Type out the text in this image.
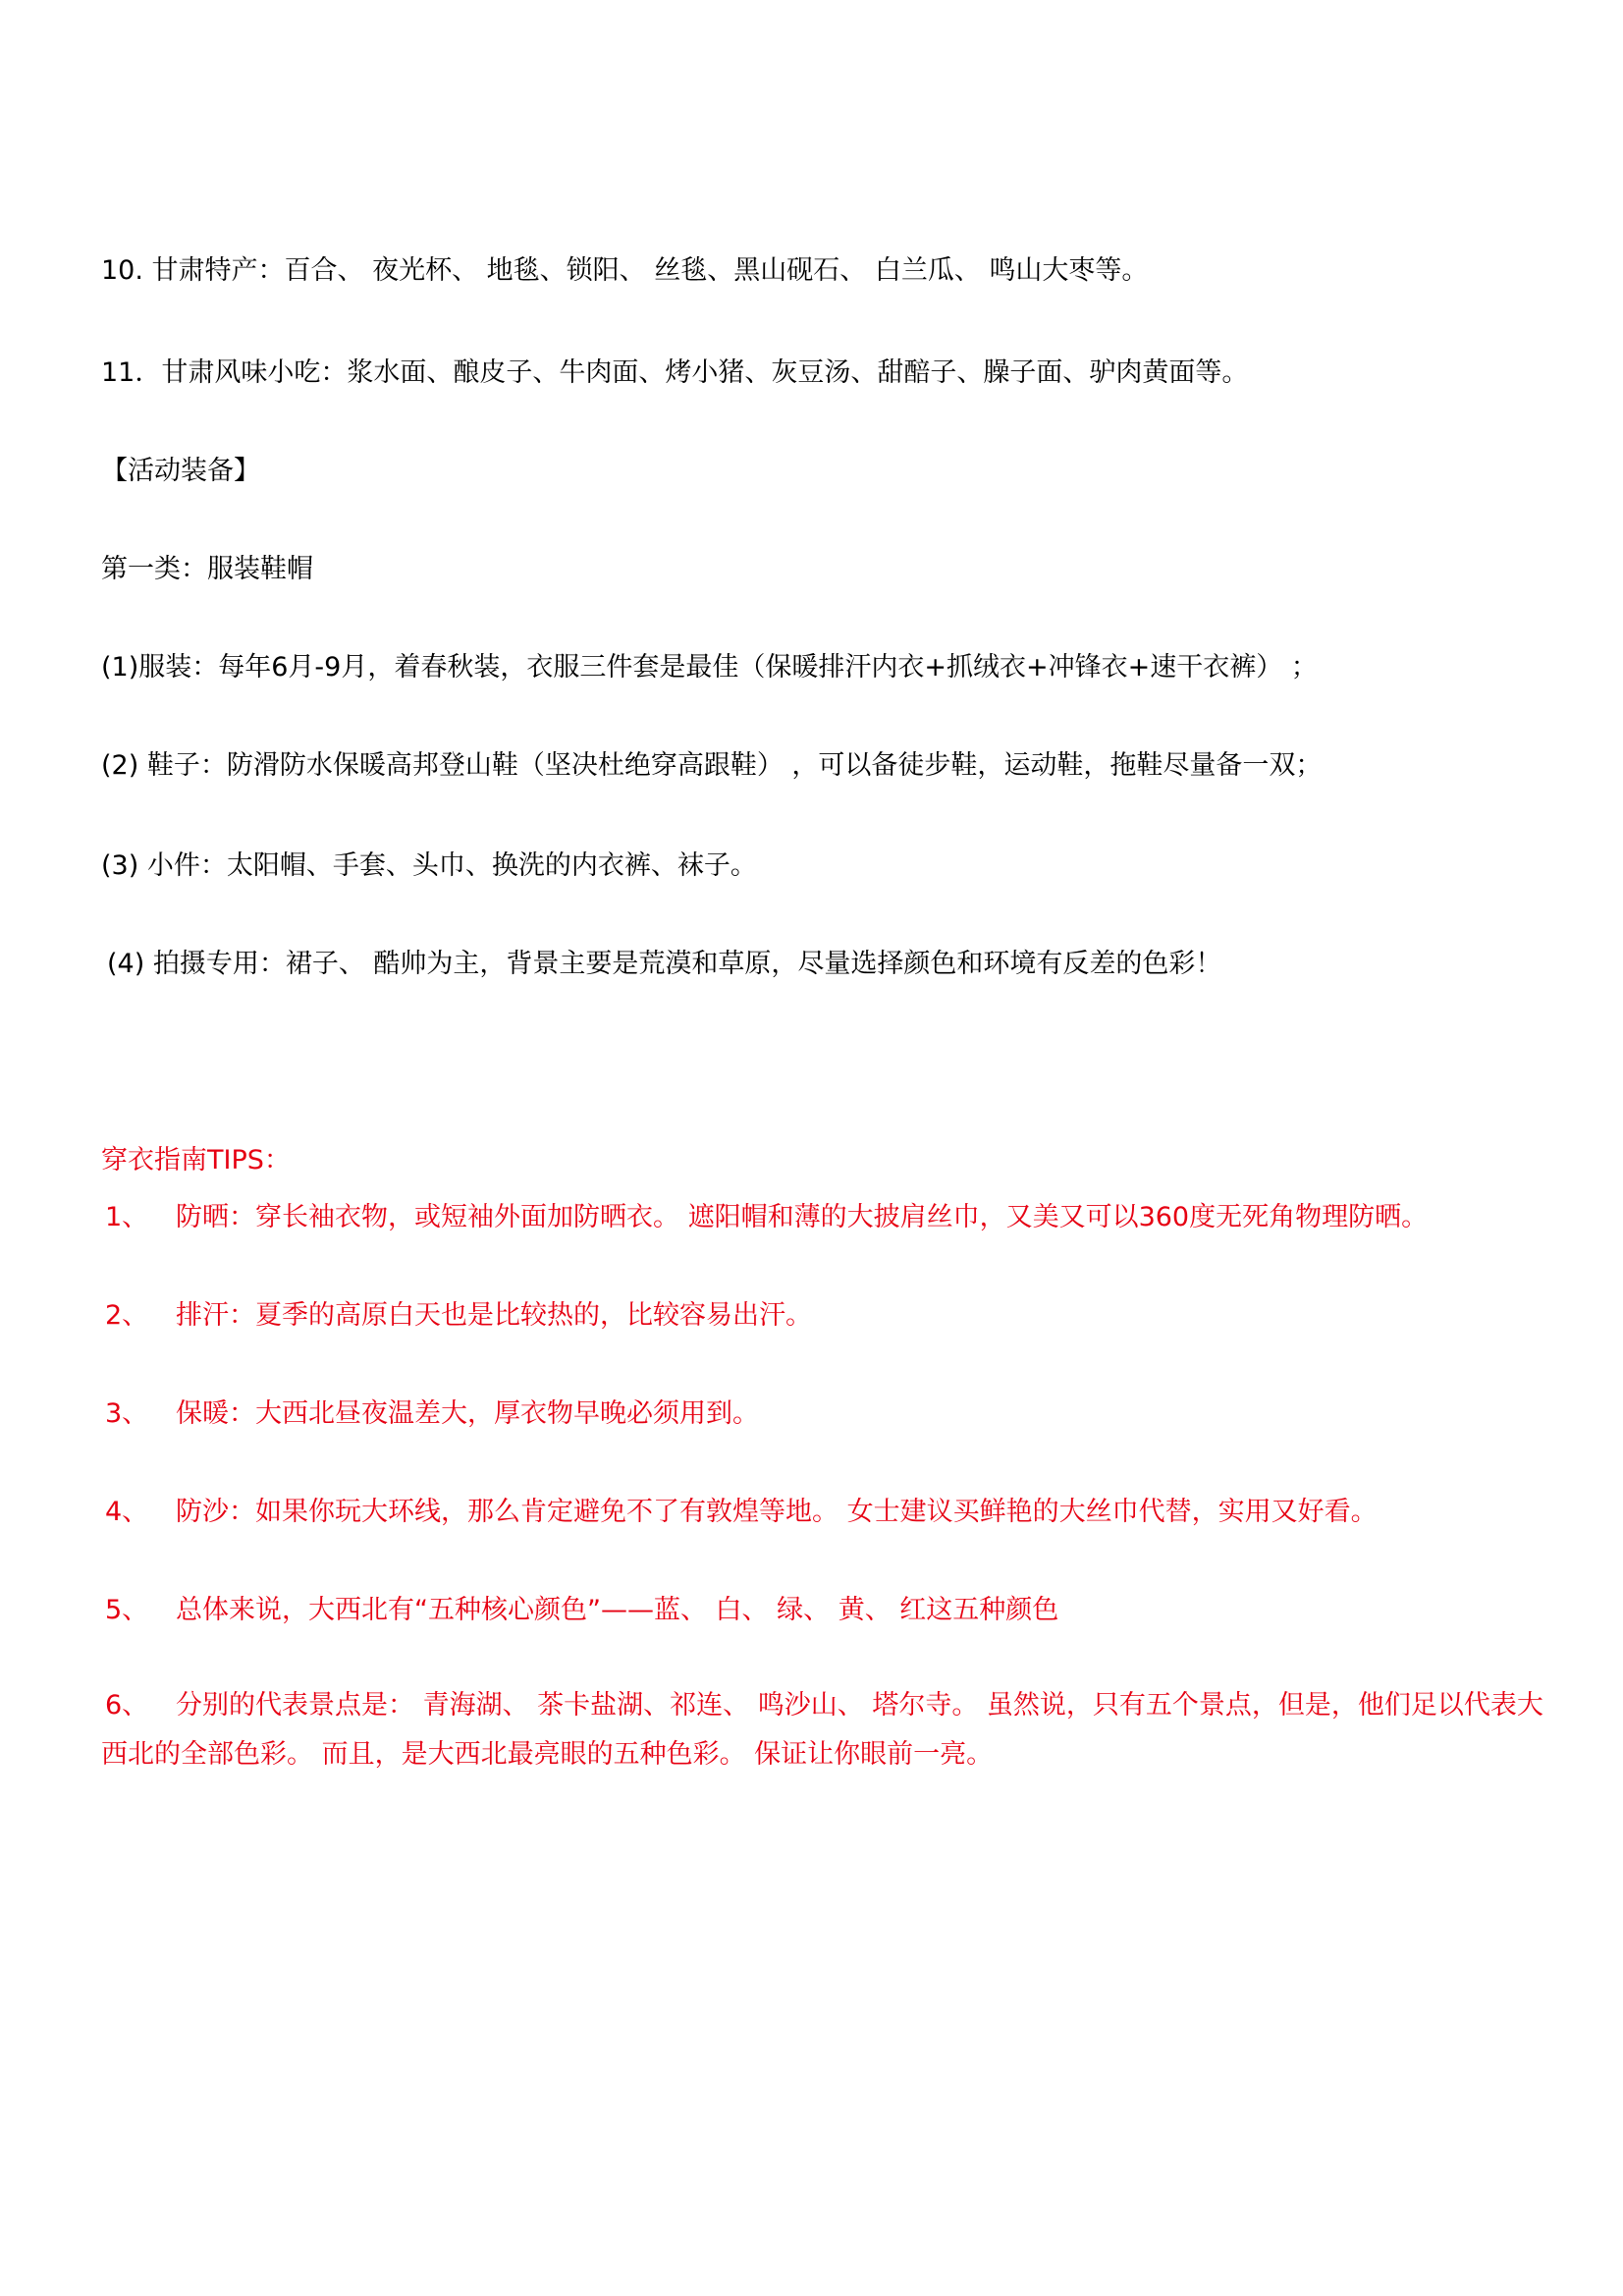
10. 甘肃特产：百合、 夜光杯、 地毯、锁阳、 丝毯、黑山砚石、 白兰瓜、 鸣山大枣等。
11．甘肃风味小吃：浆水面、酿皮子、牛肉面、烤小猪、灰豆汤、甜醅子、臊子面、驴肉黄面等。
【活动装备】
第一类：服装鞋帽
(1)服装：每年6月-9月，着春秋装，衣服三件套是最佳（保暖排汗内衣+抓绒衣+冲锋衣+速干衣裤） ；
(2) 鞋子：防滑防水保暖高邦登山鞋（坚决杜绝穿高跟鞋） ，可以备徒步鞋，运动鞋，拖鞋尽量备一双；
(3) 小件：太阳帽、手套、头巾、换洗的内衣裤、袜子。
(4) 拍摄专用：裙子、 酷帅为主，背景主要是荒漠和草原，尽量选择颜色和环境有反差的色彩！
穿衣指南TIPS：
1、 防晒：穿长袖衣物，或短袖外面加防晒衣。 遮阳帽和薄的大披肩丝巾，又美又可以360度无死角物理防晒。
2、 排汗：夏季的高原白天也是比较热的，比较容易出汗。
3、 保暖：大西北昼夜温差大，厚衣物早晚必须用到。
4、 防沙：如果你玩大环线，那么肯定避免不了有敦煌等地。 女士建议买鲜艳的大丝巾代替，实用又好看。
5、 总体来说，大西北有“五种核心颜色”——蓝、 白、 绿、 黄、 红这五种颜色
6、 分别的代表景点是： 青海湖、 茶卡盐湖、祁连、 鸣沙山、 塔尔寺。 虽然说，只有五个景点，但是，他们足以代表大西北的全部色彩。 而且，是大西北最亮眼的五种色彩。 保证让你眼前一亮。
